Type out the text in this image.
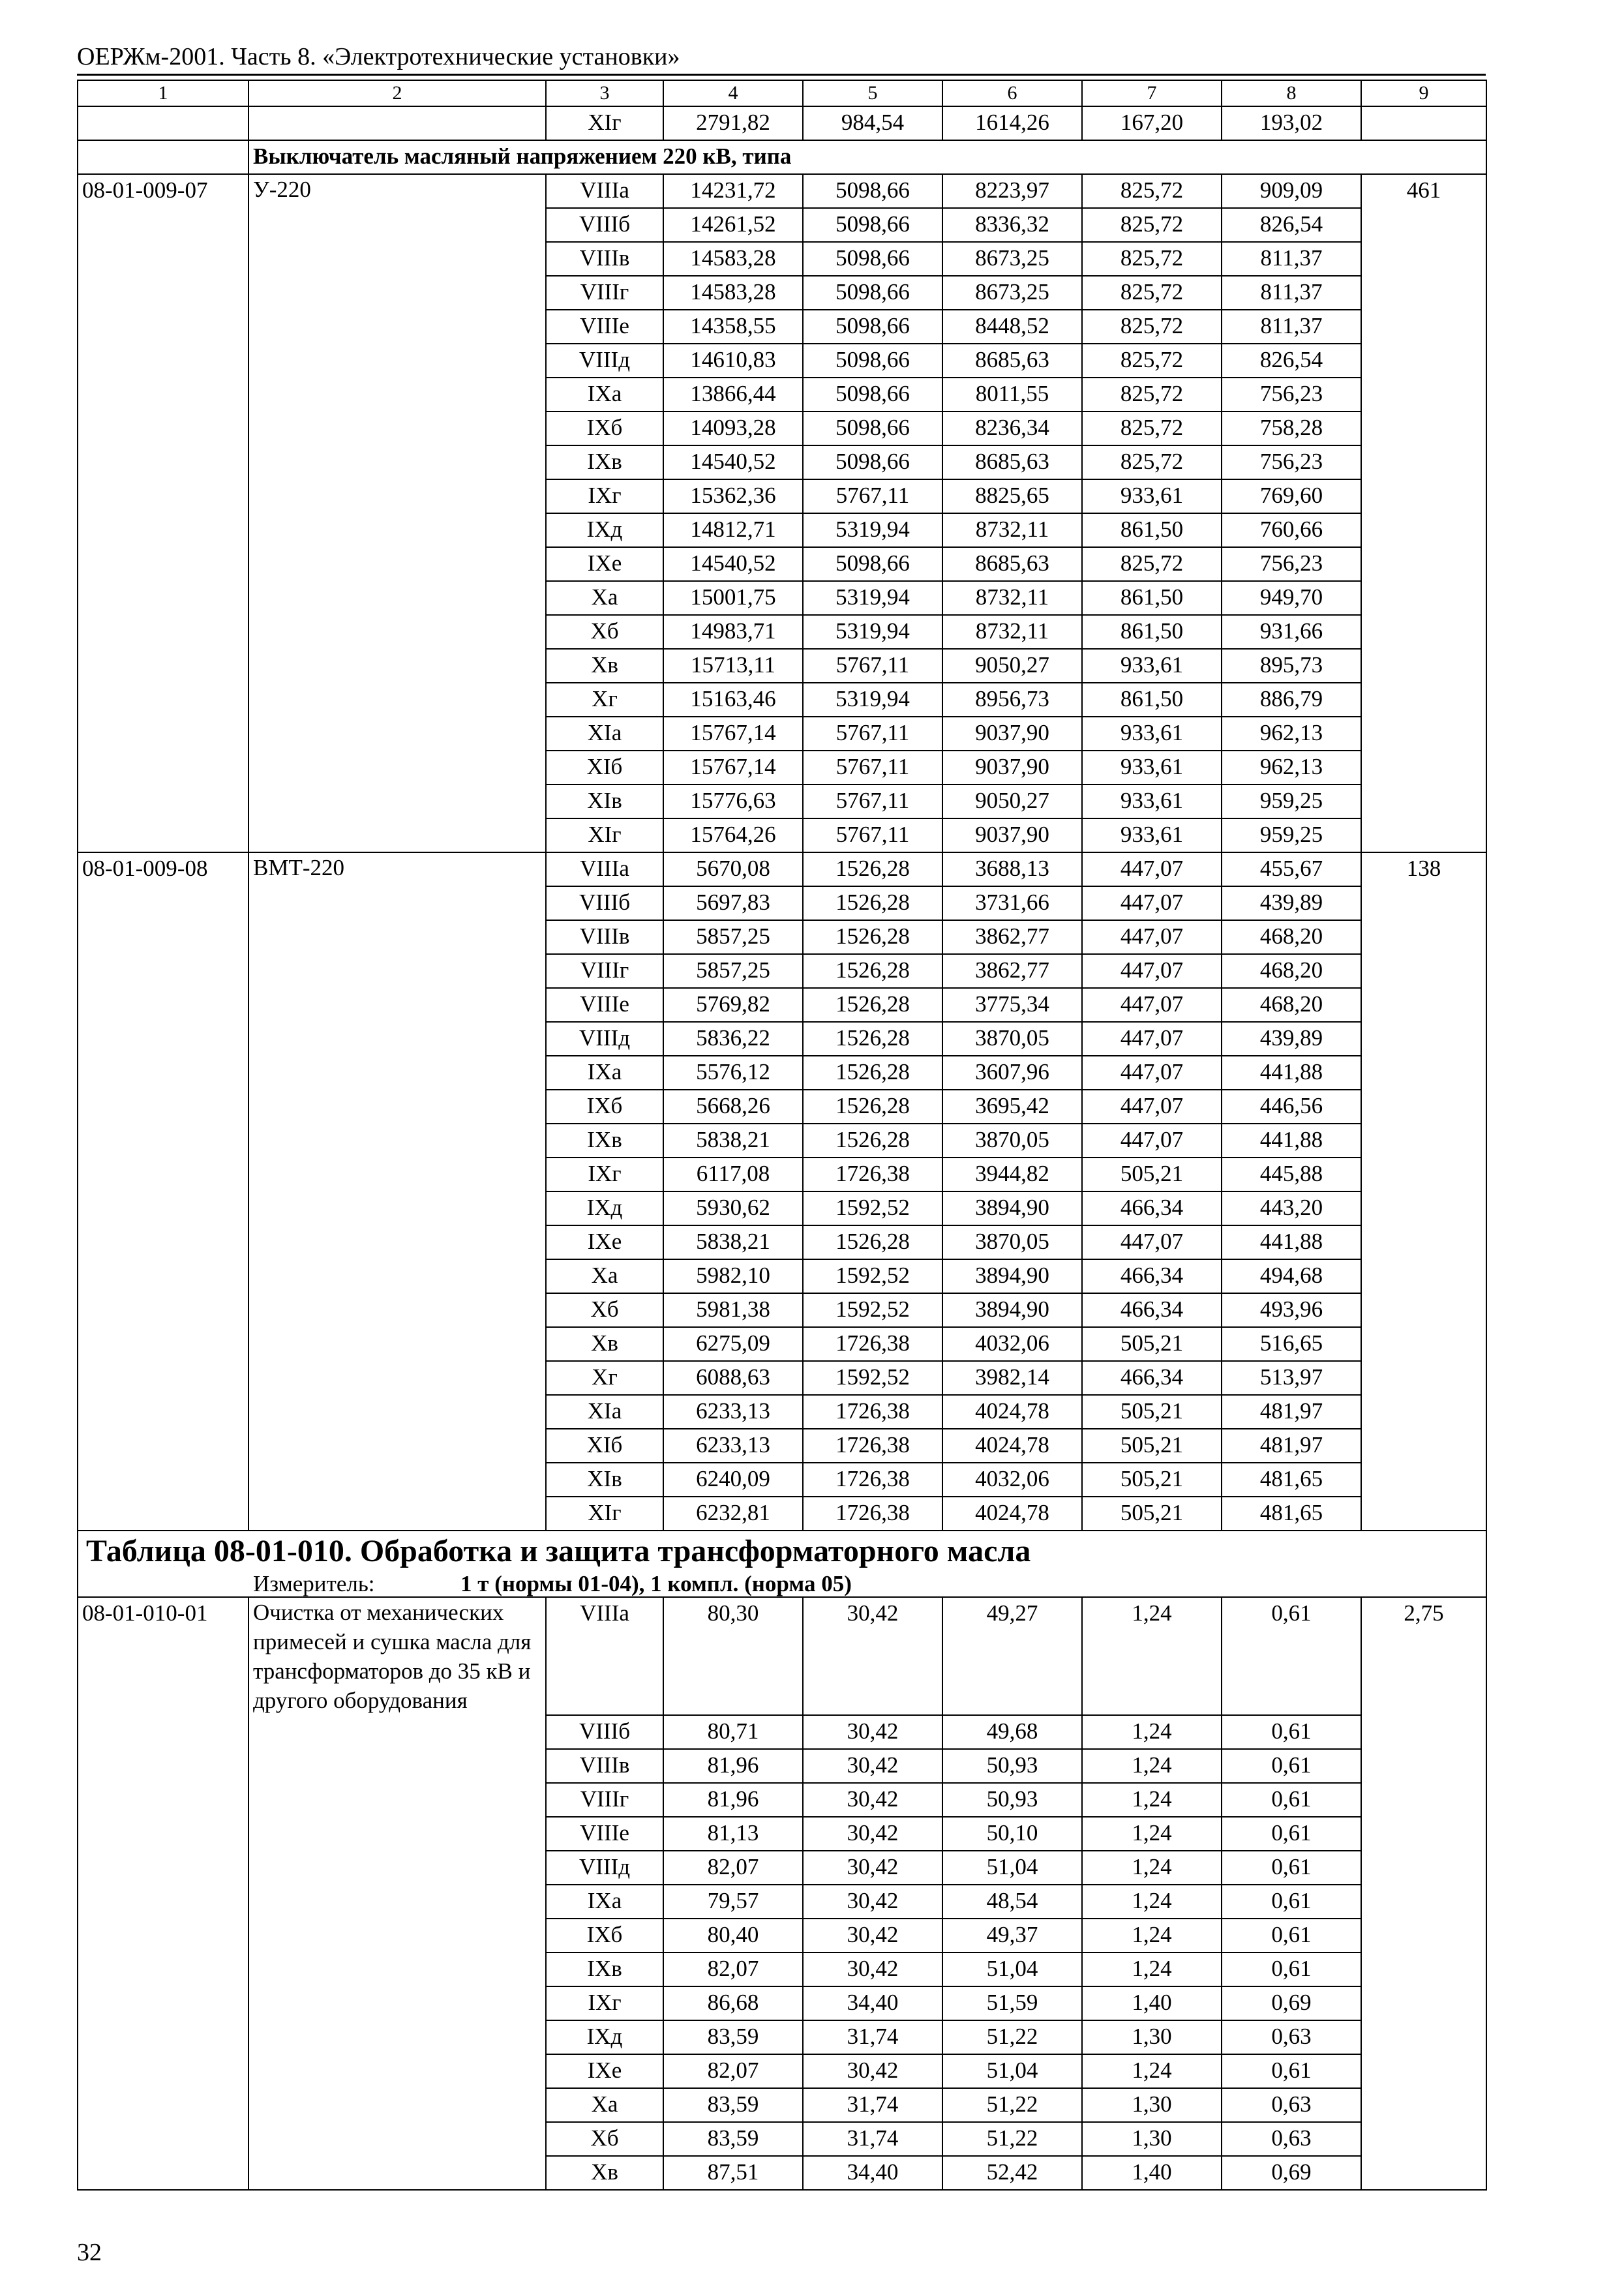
ОЕРЖм-2001. Часть 8. «Электротехнические установки»
1	2	3	4	5	6	7	8	9
		XIг	2791,82	984,54	1614,26	167,20	193,02	
	Выключатель масляный напряжением 220 кВ, типа							
08-01-009-07	У-220	VIIIа	14231,72	5098,66	8223,97	825,72	909,09	461
		VIIIб	14261,52	5098,66	8336,32	825,72	826,54	
		VIIIв	14583,28	5098,66	8673,25	825,72	811,37	
		VIIIг	14583,28	5098,66	8673,25	825,72	811,37	
		VIIIе	14358,55	5098,66	8448,52	825,72	811,37	
		VIIIд	14610,83	5098,66	8685,63	825,72	826,54	
		IXа	13866,44	5098,66	8011,55	825,72	756,23	
		IXб	14093,28	5098,66	8236,34	825,72	758,28	
		IXв	14540,52	5098,66	8685,63	825,72	756,23	
		IXг	15362,36	5767,11	8825,65	933,61	769,60	
		IXд	14812,71	5319,94	8732,11	861,50	760,66	
		IXе	14540,52	5098,66	8685,63	825,72	756,23	
		Xа	15001,75	5319,94	8732,11	861,50	949,70	
		Xб	14983,71	5319,94	8732,11	861,50	931,66	
		Xв	15713,11	5767,11	9050,27	933,61	895,73	
		Xг	15163,46	5319,94	8956,73	861,50	886,79	
		XIа	15767,14	5767,11	9037,90	933,61	962,13	
		XIб	15767,14	5767,11	9037,90	933,61	962,13	
		XIв	15776,63	5767,11	9050,27	933,61	959,25	
		XIг	15764,26	5767,11	9037,90	933,61	959,25	
08-01-009-08	ВМТ-220	VIIIа	5670,08	1526,28	3688,13	447,07	455,67	138
		VIIIб	5697,83	1526,28	3731,66	447,07	439,89	
		VIIIв	5857,25	1526,28	3862,77	447,07	468,20	
		VIIIг	5857,25	1526,28	3862,77	447,07	468,20	
		VIIIе	5769,82	1526,28	3775,34	447,07	468,20	
		VIIIд	5836,22	1526,28	3870,05	447,07	439,89	
		IXа	5576,12	1526,28	3607,96	447,07	441,88	
		IXб	5668,26	1526,28	3695,42	447,07	446,56	
		IXв	5838,21	1526,28	3870,05	447,07	441,88	
		IXг	6117,08	1726,38	3944,82	505,21	445,88	
		IXд	5930,62	1592,52	3894,90	466,34	443,20	
		IXе	5838,21	1526,28	3870,05	447,07	441,88	
		Xа	5982,10	1592,52	3894,90	466,34	494,68	
		Xб	5981,38	1592,52	3894,90	466,34	493,96	
		Xв	6275,09	1726,38	4032,06	505,21	516,65	
		Xг	6088,63	1592,52	3982,14	466,34	513,97	
		XIа	6233,13	1726,38	4024,78	505,21	481,97	
		XIб	6233,13	1726,38	4024,78	505,21	481,97	
		XIв	6240,09	1726,38	4032,06	505,21	481,65	
		XIг	6232,81	1726,38	4024,78	505,21	481,65	
Таблица 08-01-010. Обработка и защита трансформаторного масла								
Измеритель: 1 т (нормы 01-04), 1 компл. (норма 05)								
08-01-010-01	Очистка от механических примесей и сушка масла для трансформаторов до 35 кВ и другого оборудования	VIIIа	80,30	30,42	49,27	1,24	0,61	2,75
		VIIIб	80,71	30,42	49,68	1,24	0,61	
		VIIIв	81,96	30,42	50,93	1,24	0,61	
		VIIIг	81,96	30,42	50,93	1,24	0,61	
		VIIIе	81,13	30,42	50,10	1,24	0,61	
		VIIIд	82,07	30,42	51,04	1,24	0,61	
		IXа	79,57	30,42	48,54	1,24	0,61	
		IXб	80,40	30,42	49,37	1,24	0,61	
		IXв	82,07	30,42	51,04	1,24	0,61	
		IXг	86,68	34,40	51,59	1,40	0,69	
		IXд	83,59	31,74	51,22	1,30	0,63	
		IXе	82,07	30,42	51,04	1,24	0,61	
		Xа	83,59	31,74	51,22	1,30	0,63	
		Xб	83,59	31,74	51,22	1,30	0,63	
		Xв	87,51	34,40	52,42	1,40	0,69	
32
